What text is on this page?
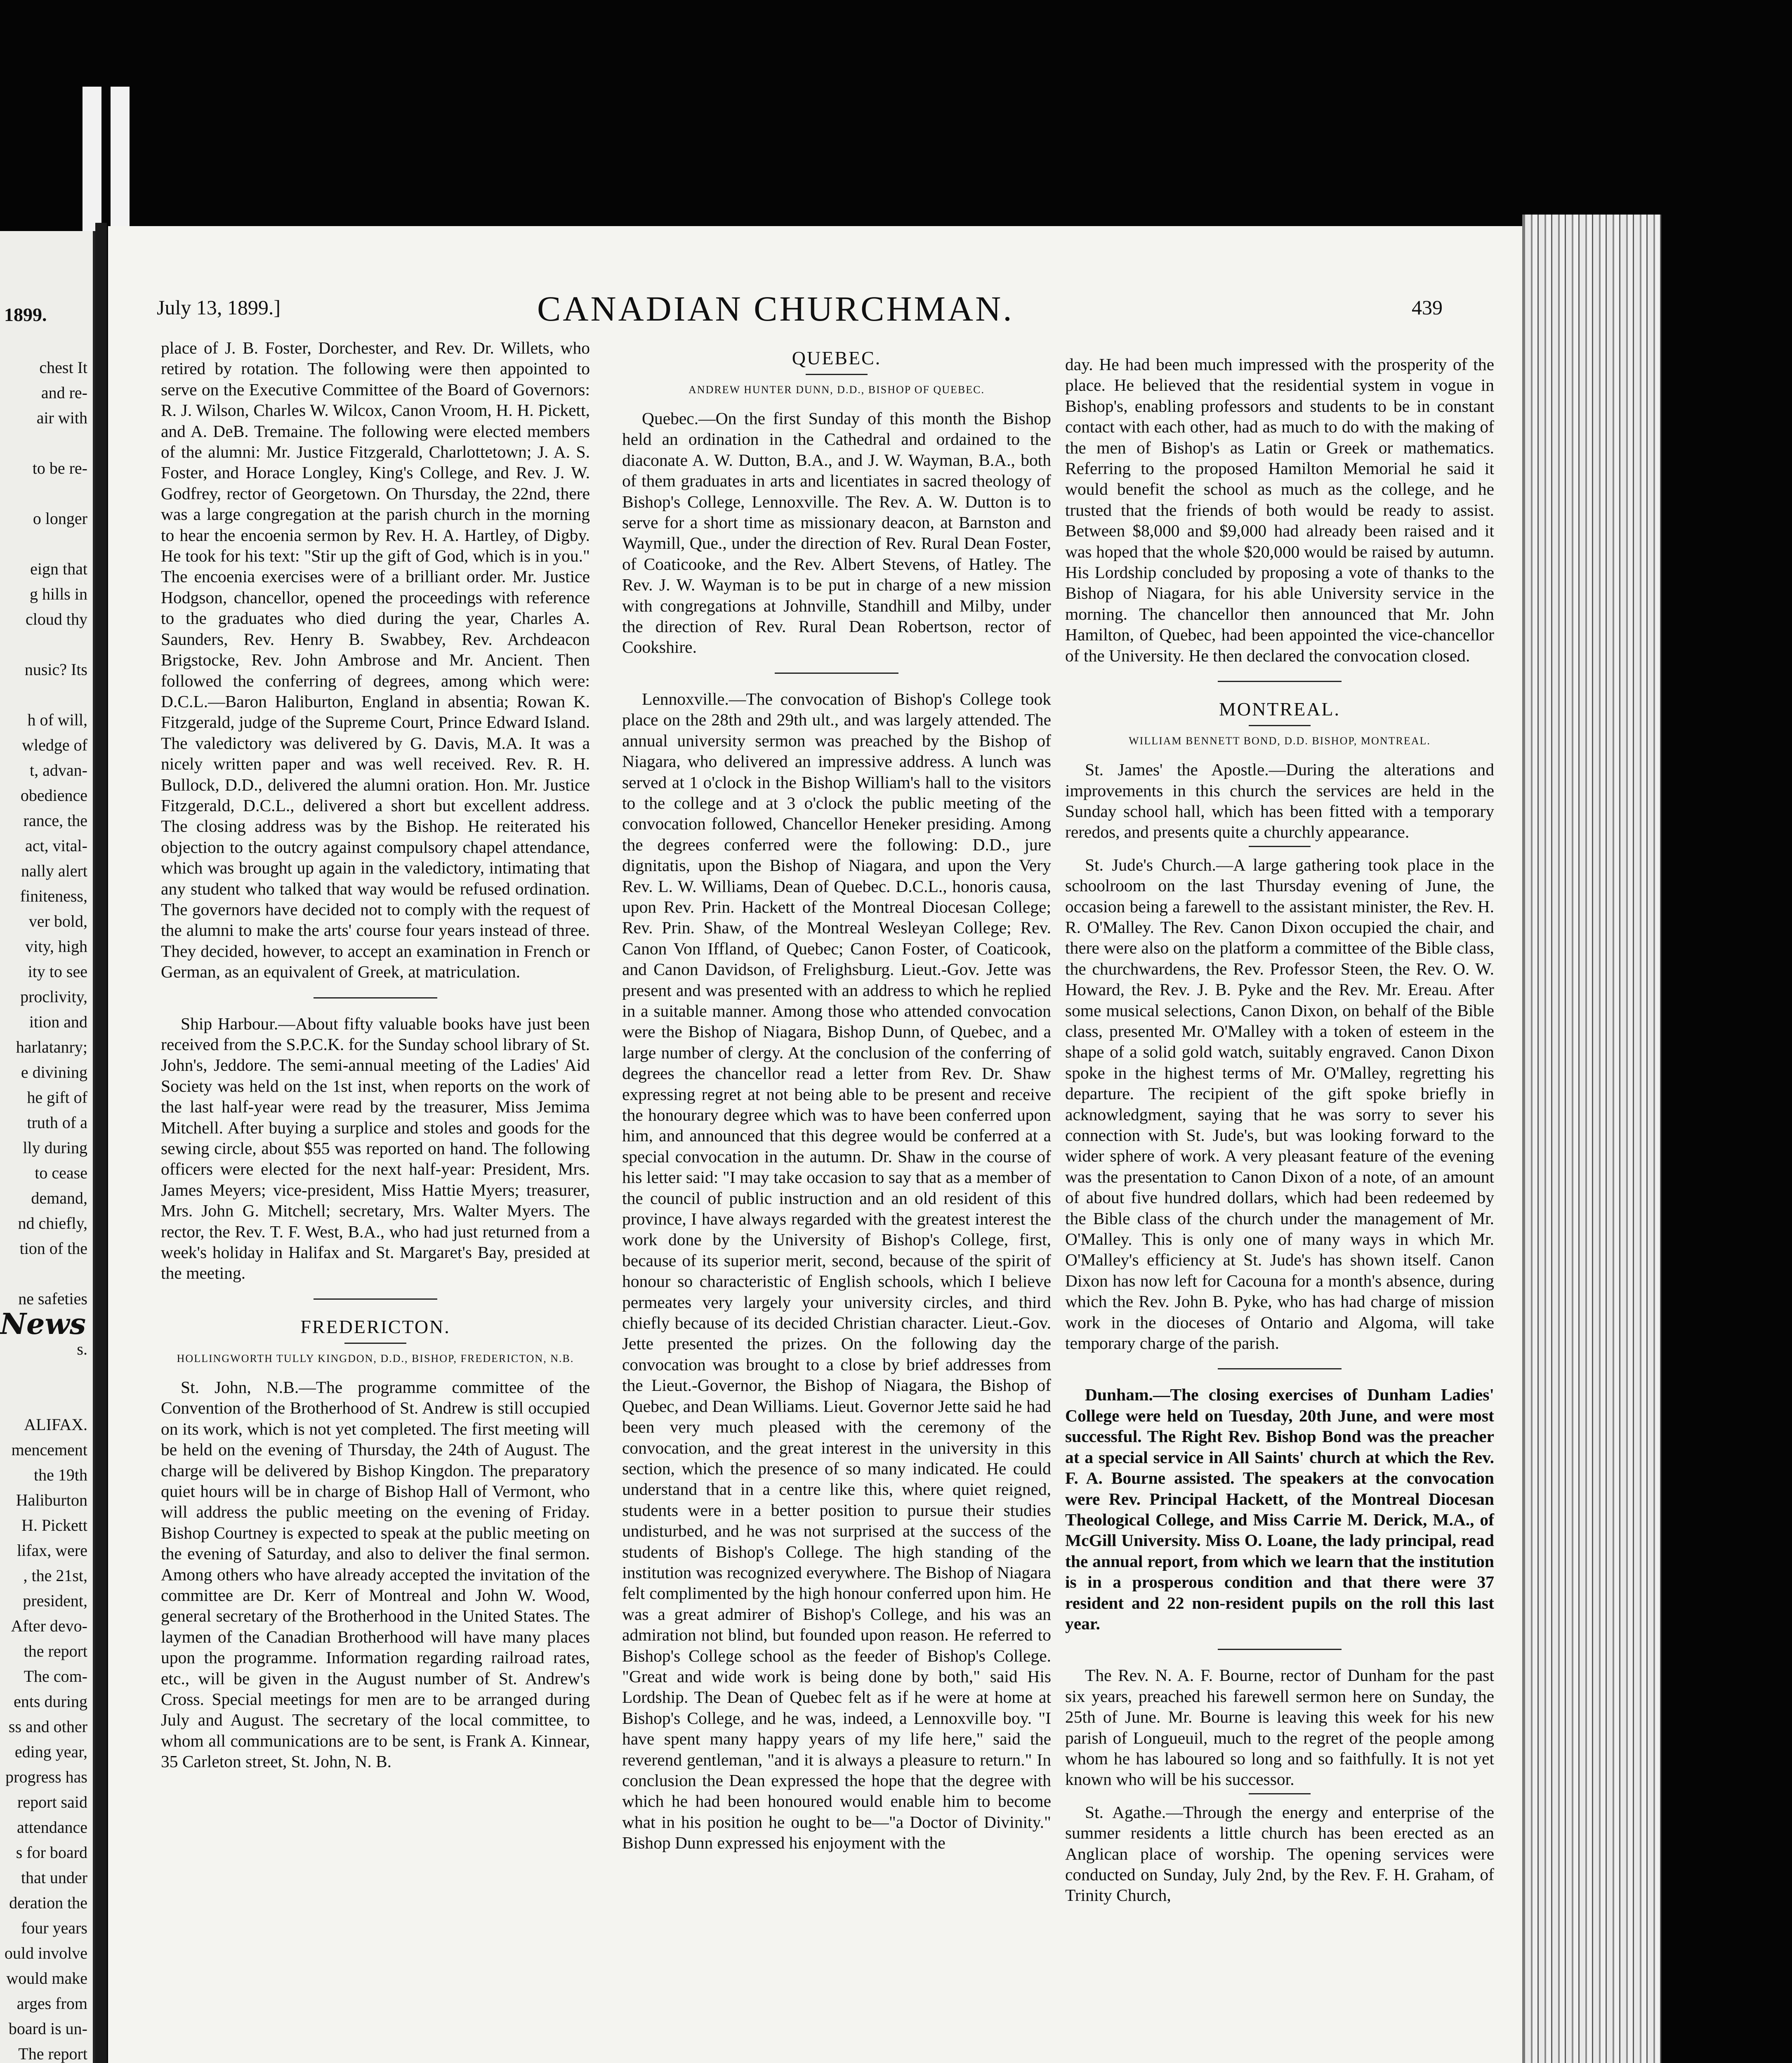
1899.
chest It
and re-
air with
to be re-
o longer
eign that
g hills in
cloud thy
nusic? Its
h of will,
wledge of
t, advan-
obedience
rance, the
act, vital-
nally alert
finiteness,
ver bold,
vity, high
ity to see
proclivity,
ition and
harlatanry;
e divining
he gift of
truth of a
lly during
to cease
demand,
nd chiefly,
tion of the
ne safeties
News
s.
ALIFAX.
mencement
the 19th
Haliburton
H. Pickett
lifax, were
, the 21st,
president,
After devo-
the report
The com-
ents during
ss and other
eding year,
progress has
report said
attendance
s for board
that under
deration the
four years
ould involve
would make
arges from
board is un-
The report
July 13, 1899.]	CANADIAN CHURCHMAN.	439

place of J. B. Foster, Dorchester, and Rev. Dr. Willets, who retired by rotation. The following were then appointed to serve on the Executive Committee of the Board of Governors: R. J. Wilson, Charles W. Wilcox, Canon Vroom, H. H. Pickett, and A. DeB. Tremaine. The following were elected members of the alumni: Mr. Justice Fitzgerald, Charlottetown; J. A. S. Foster, and Horace Longley, King's College, and Rev. J. W. Godfrey, rector of Georgetown. On Thursday, the 22nd, there was a large congregation at the parish church in the morning to hear the encoenia sermon by Rev. H. A. Hartley, of Digby. He took for his text: "Stir up the gift of God, which is in you." The encoenia exercises were of a brilliant order. Mr. Justice Hodgson, chancellor, opened the proceedings with reference to the graduates who died during the year, Charles A. Saunders, Rev. Henry B. Swabbey, Rev. Archdeacon Brigstocke, Rev. John Ambrose and Mr. Ancient. Then followed the conferring of degrees, among which were: D.C.L.—Baron Haliburton, England in absentia; Rowan K. Fitzgerald, judge of the Supreme Court, Prince Edward Island. The valedictory was delivered by G. Davis, M.A. It was a nicely written paper and was well received. Rev. R. H. Bullock, D.D., delivered the alumni oration. Hon. Mr. Justice Fitzgerald, D.C.L., delivered a short but excellent address. The closing address was by the Bishop. He reiterated his objection to the outcry against compulsory chapel attendance, which was brought up again in the valedictory, intimating that any student who talked that way would be refused ordination. The governors have decided not to comply with the request of the alumni to make the arts' course four years instead of three. They decided, however, to accept an examination in French or German, as an equivalent of Greek, at matriculation.

Ship Harbour.—About fifty valuable books have just been received from the S.P.C.K. for the Sunday school library of St. John's, Jeddore. The semi-annual meeting of the Ladies' Aid Society was held on the 1st inst, when reports on the work of the last half-year were read by the treasurer, Miss Jemima Mitchell. After buying a surplice and stoles and goods for the sewing circle, about $55 was reported on hand. The following officers were elected for the next half-year: President, Mrs. James Meyers; vice-president, Miss Hattie Myers; treasurer, Mrs. John G. Mitchell; secretary, Mrs. Walter Myers. The rector, the Rev. T. F. West, B.A., who had just returned from a week's holiday in Halifax and St. Margaret's Bay, presided at the meeting.

FREDERICTON.
HOLLINGWORTH TULLY KINGDON, D.D., BISHOP, FREDERICTON, N.B.

St. John, N.B.—The programme committee of the Convention of the Brotherhood of St. Andrew is still occupied on its work, which is not yet completed. The first meeting will be held on the evening of Thursday, the 24th of August. The charge will be delivered by Bishop Kingdon. The preparatory quiet hours will be in charge of Bishop Hall of Vermont, who will address the public meeting on the evening of Friday. Bishop Courtney is expected to speak at the public meeting on the evening of Saturday, and also to deliver the final sermon. Among others who have already accepted the invitation of the committee are Dr. Kerr of Montreal and John W. Wood, general secretary of the Brotherhood in the United States. The laymen of the Canadian Brotherhood will have many places upon the programme. Information regarding railroad rates, etc., will be given in the August number of St. Andrew's Cross. Special meetings for men are to be arranged during July and August. The secretary of the local committee, to whom all communications are to be sent, is Frank A. Kinnear, 35 Carleton street, St. John, N. B.

QUEBEC.
ANDREW HUNTER DUNN, D.D., BISHOP OF QUEBEC.

Quebec.—On the first Sunday of this month the Bishop held an ordination in the Cathedral and ordained to the diaconate A. W. Dutton, B.A., and J. W. Wayman, B.A., both of them graduates in arts and licentiates in sacred theology of Bishop's College, Lennoxville. The Rev. A. W. Dutton is to serve for a short time as missionary deacon, at Barnston and Waymill, Que., under the direction of Rev. Rural Dean Foster, of Coaticooke, and the Rev. Albert Stevens, of Hatley. The Rev. J. W. Wayman is to be put in charge of a new mission with congregations at Johnville, Standhill and Milby, under the direction of Rev. Rural Dean Robertson, rector of Cookshire.

Lennoxville.—The convocation of Bishop's College took place on the 28th and 29th ult., and was largely attended. The annual university sermon was preached by the Bishop of Niagara, who delivered an impressive address. A lunch was served at 1 o'clock in the Bishop William's hall to the visitors to the college and at 3 o'clock the public meeting of the convocation followed, Chancellor Heneker presiding. Among the degrees conferred were the following: D.D., jure dignitatis, upon the Bishop of Niagara, and upon the Very Rev. L. W. Williams, Dean of Quebec. D.C.L., honoris causa, upon Rev. Prin. Hackett of the Montreal Diocesan College; Rev. Prin. Shaw, of the Montreal Wesleyan College; Rev. Canon Von Iffland, of Quebec; Canon Foster, of Coaticook, and Canon Davidson, of Frelighsburg. Lieut.-Gov. Jette was present and was presented with an address to which he replied in a suitable manner. Among those who attended convocation were the Bishop of Niagara, Bishop Dunn, of Quebec, and a large number of clergy. At the conclusion of the conferring of degrees the chancellor read a letter from Rev. Dr. Shaw expressing regret at not being able to be present and receive the honourary degree which was to have been conferred upon him, and announced that this degree would be conferred at a special convocation in the autumn. Dr. Shaw in the course of his letter said: "I may take occasion to say that as a member of the council of public instruction and an old resident of this province, I have always regarded with the greatest interest the work done by the University of Bishop's College, first, because of its superior merit, second, because of the spirit of honour so characteristic of English schools, which I believe permeates very largely your university circles, and third chiefly because of its decided Christian character. Lieut.-Gov. Jette presented the prizes. On the following day the convocation was brought to a close by brief addresses from the Lieut.-Governor, the Bishop of Niagara, the Bishop of Quebec, and Dean Williams. Lieut. Governor Jette said he had been very much pleased with the ceremony of the convocation, and the great interest in the university in this section, which the presence of so many indicated. He could understand that in a centre like this, where quiet reigned, students were in a better position to pursue their studies undisturbed, and he was not surprised at the success of the students of Bishop's College. The high standing of the institution was recognized everywhere. The Bishop of Niagara felt complimented by the high honour conferred upon him. He was a great admirer of Bishop's College, and his was an admiration not blind, but founded upon reason. He referred to Bishop's College school as the feeder of Bishop's College. "Great and wide work is being done by both," said His Lordship. The Dean of Quebec felt as if he were at home at Bishop's College, and he was, indeed, a Lennoxville boy. "I have spent many happy years of my life here," said the reverend gentleman, "and it is always a pleasure to return." In conclusion the Dean expressed the hope that the degree with which he had been honoured would enable him to become what in his position he ought to be—"a Doctor of Divinity." Bishop Dunn expressed his enjoyment with the

day. He had been much impressed with the prosperity of the place. He believed that the residential system in vogue in Bishop's, enabling professors and students to be in constant contact with each other, had as much to do with the making of the men of Bishop's as Latin or Greek or mathematics. Referring to the proposed Hamilton Memorial he said it would benefit the school as much as the college, and he trusted that the friends of both would be ready to assist. Between $8,000 and $9,000 had already been raised and it was hoped that the whole $20,000 would be raised by autumn. His Lordship concluded by proposing a vote of thanks to the Bishop of Niagara, for his able University service in the morning. The chancellor then announced that Mr. John Hamilton, of Quebec, had been appointed the vice-chancellor of the University. He then declared the convocation closed.

MONTREAL.
WILLIAM BENNETT BOND, D.D. BISHOP, MONTREAL.

St. James' the Apostle.—During the alterations and improvements in this church the services are held in the Sunday school hall, which has been fitted with a temporary reredos, and presents quite a churchly appearance.

St. Jude's Church.—A large gathering took place in the schoolroom on the last Thursday evening of June, the occasion being a farewell to the assistant minister, the Rev. H. R. O'Malley. The Rev. Canon Dixon occupied the chair, and there were also on the platform a committee of the Bible class, the churchwardens, the Rev. Professor Steen, the Rev. O. W. Howard, the Rev. J. B. Pyke and the Rev. Mr. Ereau. After some musical selections, Canon Dixon, on behalf of the Bible class, presented Mr. O'Malley with a token of esteem in the shape of a solid gold watch, suitably engraved. Canon Dixon spoke in the highest terms of Mr. O'Malley, regretting his departure. The recipient of the gift spoke briefly in acknowledgment, saying that he was sorry to sever his connection with St. Jude's, but was looking forward to the wider sphere of work. A very pleasant feature of the evening was the presentation to Canon Dixon of a note, of an amount of about five hundred dollars, which had been redeemed by the Bible class of the church under the management of Mr. O'Malley. This is only one of many ways in which Mr. O'Malley's efficiency at St. Jude's has shown itself. Canon Dixon has now left for Cacouna for a month's absence, during which the Rev. John B. Pyke, who has had charge of mission work in the dioceses of Ontario and Algoma, will take temporary charge of the parish.

Dunham.—The closing exercises of Dunham Ladies' College were held on Tuesday, 20th June, and were most successful. The Right Rev. Bishop Bond was the preacher at a special service in All Saints' church at which the Rev. F. A. Bourne assisted. The speakers at the convocation were Rev. Principal Hackett, of the Montreal Diocesan Theological College, and Miss Carrie M. Derick, M.A., of McGill University. Miss O. Loane, the lady principal, read the annual report, from which we learn that the institution is in a prosperous condition and that there were 37 resident and 22 non-resident pupils on the roll this last year.

The Rev. N. A. F. Bourne, rector of Dunham for the past six years, preached his farewell sermon here on Sunday, the 25th of June. Mr. Bourne is leaving this week for his new parish of Longueuil, much to the regret of the people among whom he has laboured so long and so faithfully. It is not yet known who will be his successor.

St. Agathe.—Through the energy and enterprise of the summer residents a little church has been erected as an Anglican place of worship. The opening services were conducted on Sunday, July 2nd, by the Rev. F. H. Graham, of Trinity Church,
